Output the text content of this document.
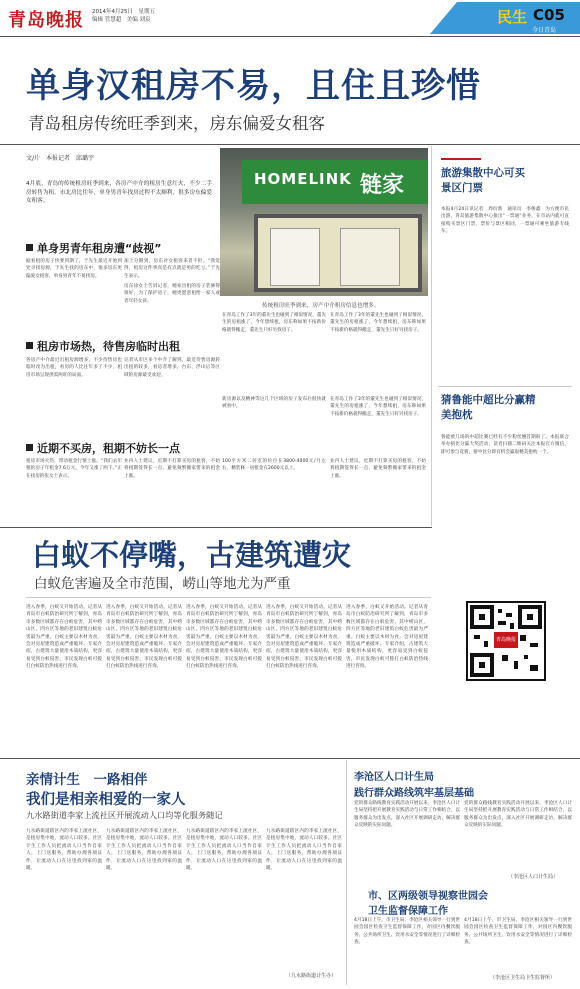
青岛晚报 2014年4月25日　星期五
编辑 管慧超　美编 刘宸	民生 C05
今日青岛
单身汉租房不易，且住且珍惜
青岛租房传统旺季到来，房东偏爱女租客
文/片　本报记者　邱璐宇
HOMELINK 链家
传统租房旺季到来，房产中介租房信息也增多。
4月底，青岛的传统租房旺季到来，各房产中介的租房生意红火，不少二手房转售为租。市北房比往年，单身男青年找房过程不太顺利，很多房东偏爱女租客。
单身男青年租房遭“歧视”
据看租的房子快要到期了，于先生最近开始到处寻找房源，于先生找的房东中，很多房东更偏爱女租客，单身男青年不易找房。
加上分期到，房东对女租客来者不拒。“我觉得，租房这件事真是有点就是男的吃亏。”于先生表示。
房东徐女士告诉记者，她家出租的房子装修得很好，为了保护房子，她更愿意租给一家人或者年轻女孩。
在青岛工作了3年的董先生也碰到了相似情况，董先生的房租涨了，今年想续租，房东称如果不按新价格就得搬走，董先生只好另找房子。
在青岛工作了3年的董先生也碰到了相似情况，董先生的房租涨了，今年想续租，房东称如果不按新价格就得搬走，董先生只好另找房子。
租房市场热，待售房临时出租
各房产中介最近出租房源增多，不少待售房也临时改为出租，看房的人比往年多了不少，租房市场呈现供需两旺的局面。
记者从市区多个中介了解到，最近待售房源转出租的较多，看房者增多，台东、浮山后等区域的房源最受欢迎。
新房源以及精神等这几个区域的房子发布后很快就被看中。
在青岛工作了3年的董先生也碰到了相似情况，董先生的房租涨了，今年想续租，房东称如果不按新价格就得搬走，董先生只好另找房子。
近期不买房，租期不妨长一点
租房市场火热，带动租金行情上涨。“我们去年租的房子年租金7.6万元，今年又涨了两千。”正在找房的张女士表示。
业内人士建议，近期不打算买房的租客，不妨将租期签得长一点，避免频繁搬家带来的租金上涨。
100平方米二居室的价位在3800-4000元/月左右，精装修一居租金在2600元以上。
业内人士建议，近期不打算买房的租客，不妨将租期签得长一点，避免频繁搬家带来的租金上涨。
旅游集散中心可买景区门票
本报4月24日讯记者　周衍新　通讯员　李俊鑫　为方便市民出游，青岛旅游集散中心推出“一票通”业务，在市站内就可直接购买景区门票，票价与景区相同，一票通可乘坐旅游专线车。
猜鲁能中超比分赢精美抱枕
鲁能被几场的中超比赛已经有不少粉丝翘首期盼了。本报联合举办猜比分赢大奖活动，读者扫描二维码关注本报官方微信，即可参与竞猜，猜中比分即有机会赢取精美抱枕一个。
青岛晚报
白蚁不停嘴，古建筑遭灾
白蚁危害遍及全市范围，崂山等地尤为严重
进入春季，白蚁又开始活动。记者从青岛市白蚁防治研究所了解到，青岛市多数区域都存在白蚁危害，其中崂山区，四方区等地的老旧建筑白蚁危害最为严重。白蚁主要以木材为食，会对房屋建筑造成严重破坏。专家介绍，古建筑大量使用木质结构，更容易受到白蚁侵害，市民发现白蚁可拨打白蚁防治热线进行咨询。
进入春季，白蚁又开始活动。记者从青岛市白蚁防治研究所了解到，青岛市多数区域都存在白蚁危害，其中崂山区，四方区等地的老旧建筑白蚁危害最为严重。白蚁主要以木材为食，会对房屋建筑造成严重破坏。专家介绍，古建筑大量使用木质结构，更容易受到白蚁侵害，市民发现白蚁可拨打白蚁防治热线进行咨询。
进入春季，白蚁又开始活动。记者从青岛市白蚁防治研究所了解到，青岛市多数区域都存在白蚁危害，其中崂山区，四方区等地的老旧建筑白蚁危害最为严重。白蚁主要以木材为食，会对房屋建筑造成严重破坏。专家介绍，古建筑大量使用木质结构，更容易受到白蚁侵害，市民发现白蚁可拨打白蚁防治热线进行咨询。
进入春季，白蚁又开始活动。记者从青岛市白蚁防治研究所了解到，青岛市多数区域都存在白蚁危害，其中崂山区，四方区等地的老旧建筑白蚁危害最为严重。白蚁主要以木材为食，会对房屋建筑造成严重破坏。专家介绍，古建筑大量使用木质结构，更容易受到白蚁侵害，市民发现白蚁可拨打白蚁防治热线进行咨询。
进入春季，白蚁又开始活动。记者从青岛市白蚁防治研究所了解到，青岛市多数区域都存在白蚁危害，其中崂山区，四方区等地的老旧建筑白蚁危害最为严重。白蚁主要以木材为食，会对房屋建筑造成严重破坏。专家介绍，古建筑大量使用木质结构，更容易受到白蚁侵害，市民发现白蚁可拨打白蚁防治热线进行咨询。
亲情计生　一路相伴
我们是相亲相爱的一家人
九水路街道李家上流社区开展流动人口均等化服务随记
九水路街道辖区内的李家上流社区，是租房集中地，流动人口较多。社区计生工作人员把流动人口当作自家人，上门送服务，帮助办理各项证件，让流动人口在这里找到家的温暖。
九水路街道辖区内的李家上流社区，是租房集中地，流动人口较多。社区计生工作人员把流动人口当作自家人，上门送服务，帮助办理各项证件，让流动人口在这里找到家的温暖。
九水路街道辖区内的李家上流社区，是租房集中地，流动人口较多。社区计生工作人员把流动人口当作自家人，上门送服务，帮助办理各项证件，让流动人口在这里找到家的温暖。
九水路街道辖区内的李家上流社区，是租房集中地，流动人口较多。社区计生工作人员把流动人口当作自家人，上门送服务，帮助办理各项证件，让流动人口在这里找到家的温暖。
（九水路街道计生办）
李沧区人口计生局
践行群众路线筑牢基层基础
党的群众路线教育实践活动开展以来，李沧区人口计生局坚持把开展教育实践活动与日常工作相结合，以服务群众为出发点，深入社区开展调研走访，解决群众反映的实际问题。
党的群众路线教育实践活动开展以来，李沧区人口计生局坚持把开展教育实践活动与日常工作相结合，以服务群众为出发点，深入社区开展调研走访，解决群众反映的实际问题。
（李沧区人口计生局）
市、区两级领导视察世园会
卫生监督保障工作
4月18日上午，市卫生局、李沧区相关领导一行到世园会园区检查卫生监督保障工作，对园区内餐饮服务、公共场所卫生、饮用水安全等情况进行了详细检查。
4月18日上午，市卫生局、李沧区相关领导一行到世园会园区检查卫生监督保障工作，对园区内餐饮服务、公共场所卫生、饮用水安全等情况进行了详细检查。
（李沧区卫生局卫生监督所）
